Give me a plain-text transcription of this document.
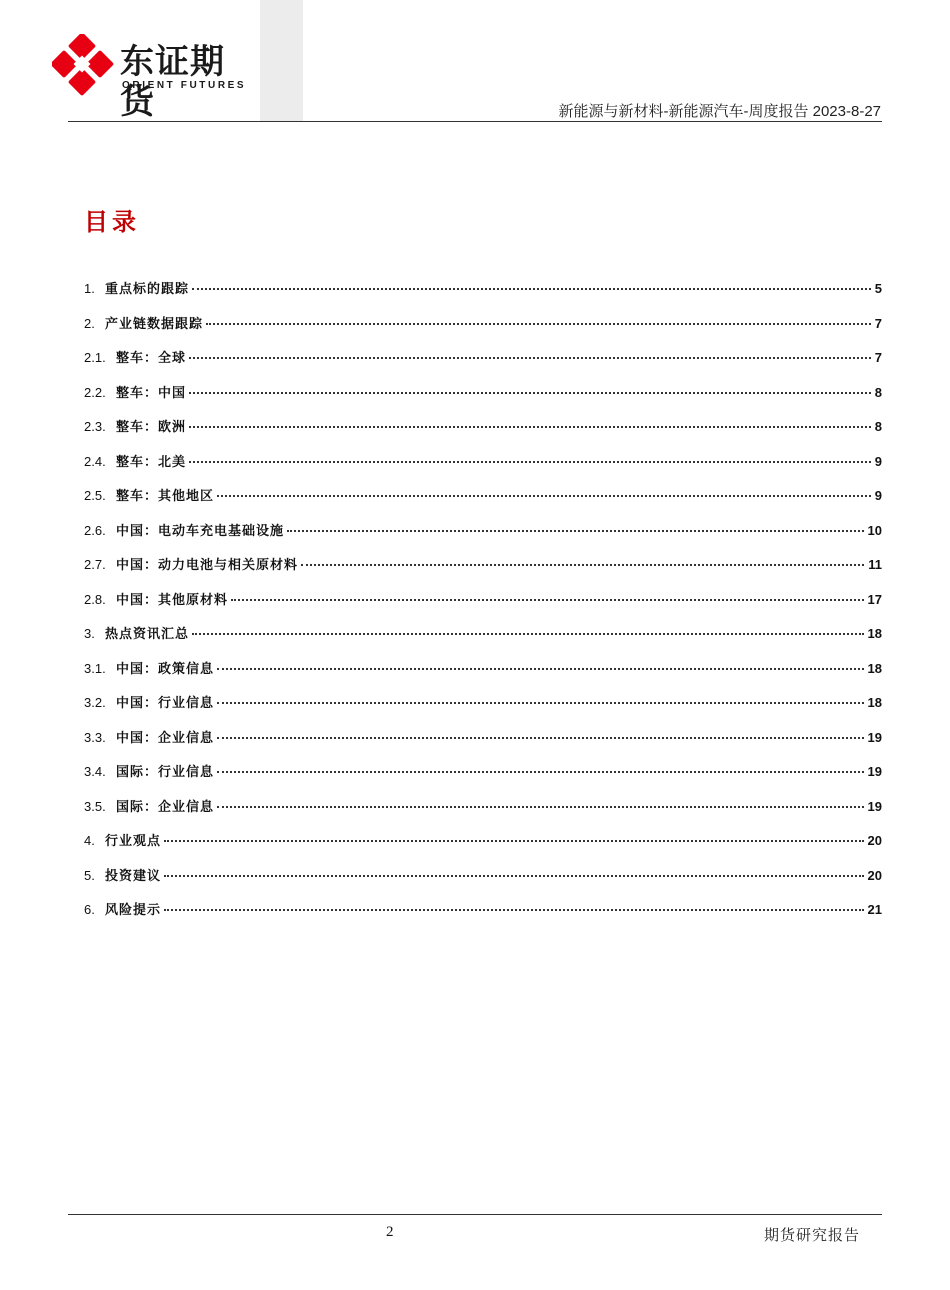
东证期货
ORIENT FUTURES
新能源与新材料-新能源汽车-周度报告 2023-8-27
目录
1. 重点标的跟踪	5
2. 产业链数据跟踪	7
2.1. 整车：全球	7
2.2. 整车：中国	8
2.3. 整车：欧洲	8
2.4. 整车：北美	9
2.5. 整车：其他地区	9
2.6. 中国：电动车充电基础设施	10
2.7. 中国：动力电池与相关原材料	11
2.8. 中国：其他原材料	17
3. 热点资讯汇总	18
3.1. 中国：政策信息	18
3.2. 中国：行业信息	18
3.3. 中国：企业信息	19
3.4. 国际：行业信息	19
3.5. 国际：企业信息	19
4. 行业观点	20
5. 投资建议	20
6. 风险提示	21
2	期货研究报告
